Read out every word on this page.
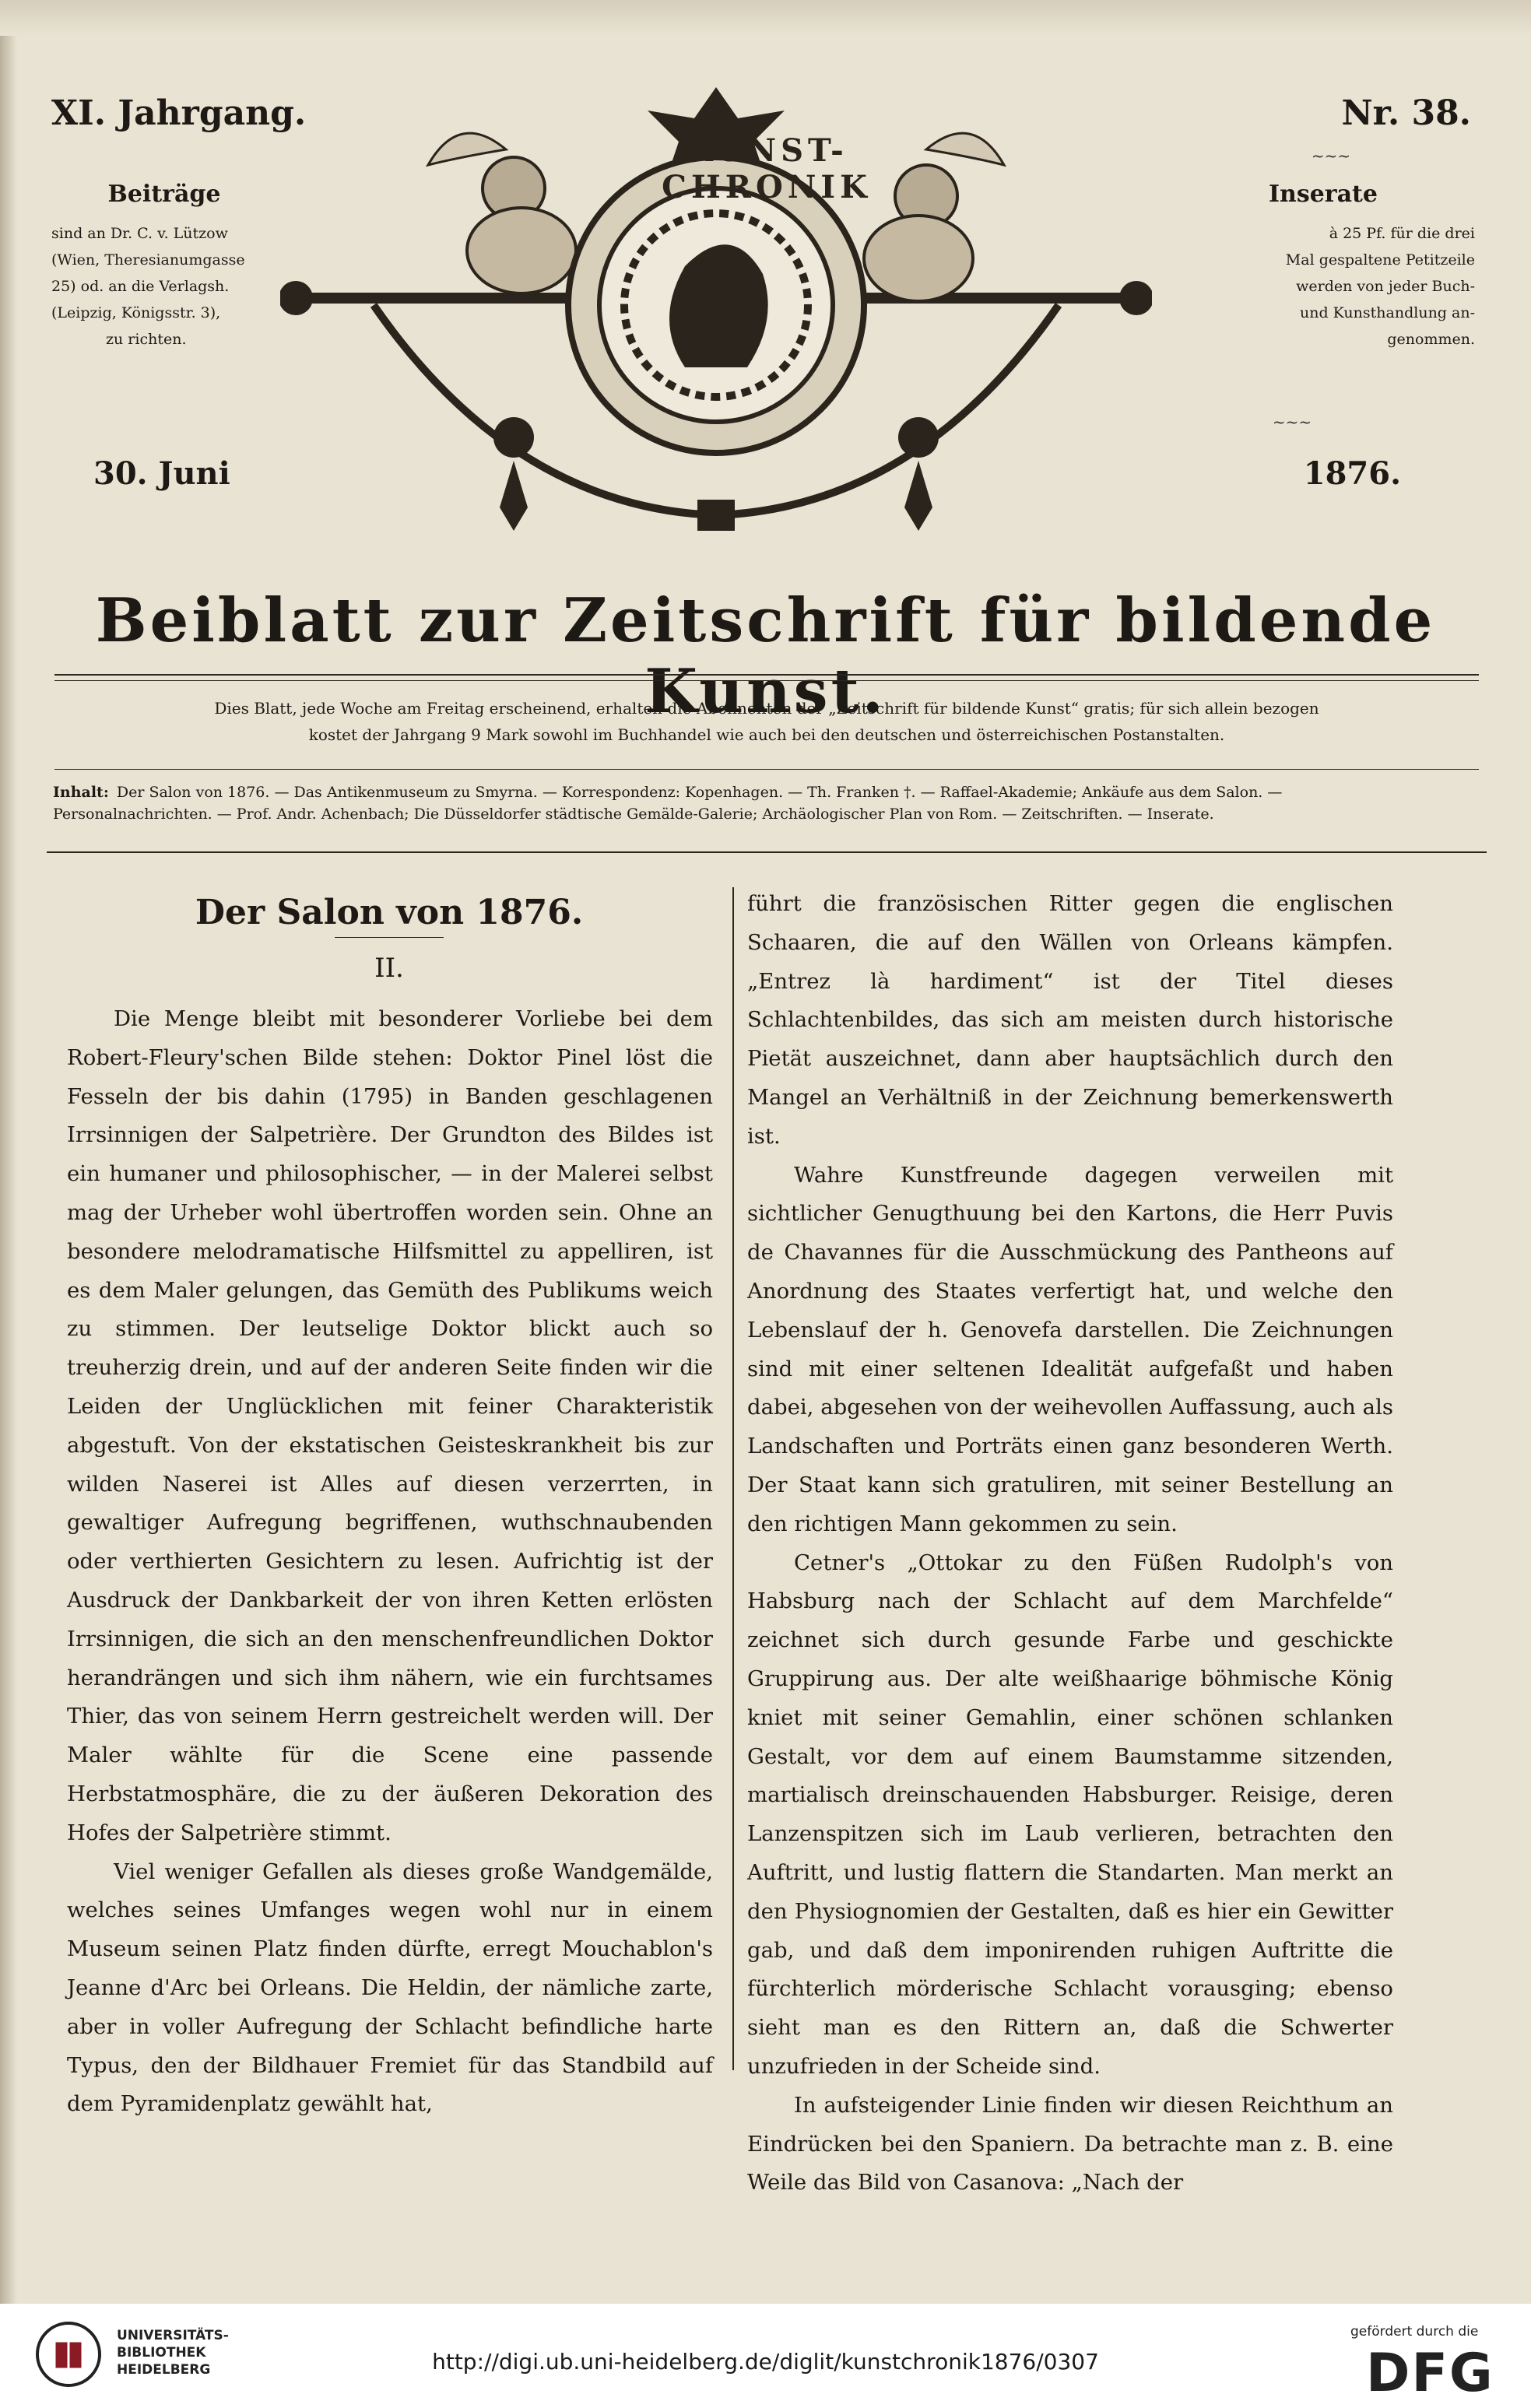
XI. Jahrgang.	Nr. 38.
~~~
Beiträge
sind an Dr. C. v. Lützow
(Wien, Theresianumgasse
25) od. an die Verlagsh.
(Leipzig, Königsstr. 3),
zu richten.
Inserate
à 25 Pf. für die drei
Mal gespaltene Petitzeile
werden von jeder Buch-
und Kunsthandlung an-
genommen.
~~~
30. Juni	1876.
KUNST-CHRONIK
Beiblatt zur Zeitschrift für bildende Kunst.
Dies Blatt, jede Woche am Freitag erscheinend, erhalten die Abonnenten der „Zeitschrift für bildende Kunst“ gratis; für sich allein bezogen
kostet der Jahrgang 9 Mark sowohl im Buchhandel wie auch bei den deutschen und österreichischen Postanstalten.
Inhalt: Der Salon von 1876. — Das Antikenmuseum zu Smyrna. — Korrespondenz: Kopenhagen. — Th. Franken †. — Raffael-Akademie; Ankäufe aus dem Salon. — Personalnachrichten. — Prof. Andr. Achenbach; Die Düsseldorfer städtische Gemälde-Galerie; Archäologischer Plan von Rom. — Zeitschriften. — Inserate.
Der Salon von 1876.
II.

Die Menge bleibt mit besonderer Vorliebe bei dem Robert-Fleury'schen Bilde stehen: Doktor Pinel löst die Fesseln der bis dahin (1795) in Banden geschlagenen Irrsinnigen der Salpetrière. Der Grundton des Bildes ist ein humaner und philosophischer, — in der Malerei selbst mag der Urheber wohl übertroffen worden sein. Ohne an besondere melodramatische Hilfsmittel zu appelliren, ist es dem Maler gelungen, das Gemüth des Publikums weich zu stimmen. Der leutselige Doktor blickt auch so treuherzig drein, und auf der anderen Seite finden wir die Leiden der Unglücklichen mit feiner Charakteristik abgestuft. Von der ekstatischen Geisteskrankheit bis zur wilden Naserei ist Alles auf diesen verzerrten, in gewaltiger Aufregung begriffenen, wuthschnaubenden oder verthierten Gesichtern zu lesen. Aufrichtig ist der Ausdruck der Dankbarkeit der von ihren Ketten erlösten Irrsinnigen, die sich an den menschenfreundlichen Doktor herandrängen und sich ihm nähern, wie ein furchtsames Thier, das von seinem Herrn gestreichelt werden will. Der Maler wählte für die Scene eine passende Herbstatmosphäre, die zu der äußeren Dekoration des Hofes der Salpetrière stimmt.

Viel weniger Gefallen als dieses große Wandgemälde, welches seines Umfanges wegen wohl nur in einem Museum seinen Platz finden dürfte, erregt Mouchablon's Jeanne d'Arc bei Orleans. Die Heldin, der nämliche zarte, aber in voller Aufregung der Schlacht befindliche harte Typus, den der Bildhauer Fremiet für das Standbild auf dem Pyramidenplatz gewählt hat,

führt die französischen Ritter gegen die englischen Schaaren, die auf den Wällen von Orleans kämpfen. „Entrez là hardiment“ ist der Titel dieses Schlachtenbildes, das sich am meisten durch historische Pietät auszeichnet, dann aber hauptsächlich durch den Mangel an Verhältniß in der Zeichnung bemerkenswerth ist.

Wahre Kunstfreunde dagegen verweilen mit sichtlicher Genugthuung bei den Kartons, die Herr Puvis de Chavannes für die Ausschmückung des Pantheons auf Anordnung des Staates verfertigt hat, und welche den Lebenslauf der h. Genovefa darstellen. Die Zeichnungen sind mit einer seltenen Idealität aufgefaßt und haben dabei, abgesehen von der weihevollen Auffassung, auch als Landschaften und Porträts einen ganz besonderen Werth. Der Staat kann sich gratuliren, mit seiner Bestellung an den richtigen Mann gekommen zu sein.

Cetner's „Ottokar zu den Füßen Rudolph's von Habsburg nach der Schlacht auf dem Marchfelde“ zeichnet sich durch gesunde Farbe und geschickte Gruppirung aus. Der alte weißhaarige böhmische König kniet mit seiner Gemahlin, einer schönen schlanken Gestalt, vor dem auf einem Baumstamme sitzenden, martialisch dreinschauenden Habsburger. Reisige, deren Lanzenspitzen sich im Laub verlieren, betrachten den Auftritt, und lustig flattern die Standarten. Man merkt an den Physiognomien der Gestalten, daß es hier ein Gewitter gab, und daß dem imponirenden ruhigen Auftritte die fürchterlich mörderische Schlacht vorausging; ebenso sieht man es den Rittern an, daß die Schwerter unzufrieden in der Scheide sind.

In aufsteigender Linie finden wir diesen Reichthum an Eindrücken bei den Spaniern. Da betrachte man z. B. eine Weile das Bild von Casanova: „Nach der

UNIVERSITÄTS-
BIBLIOTHEK
HEIDELBERG	http://digi.ub.uni-heidelberg.de/diglit/kunstchronik1876/0307
gefördert durch die
DFG
